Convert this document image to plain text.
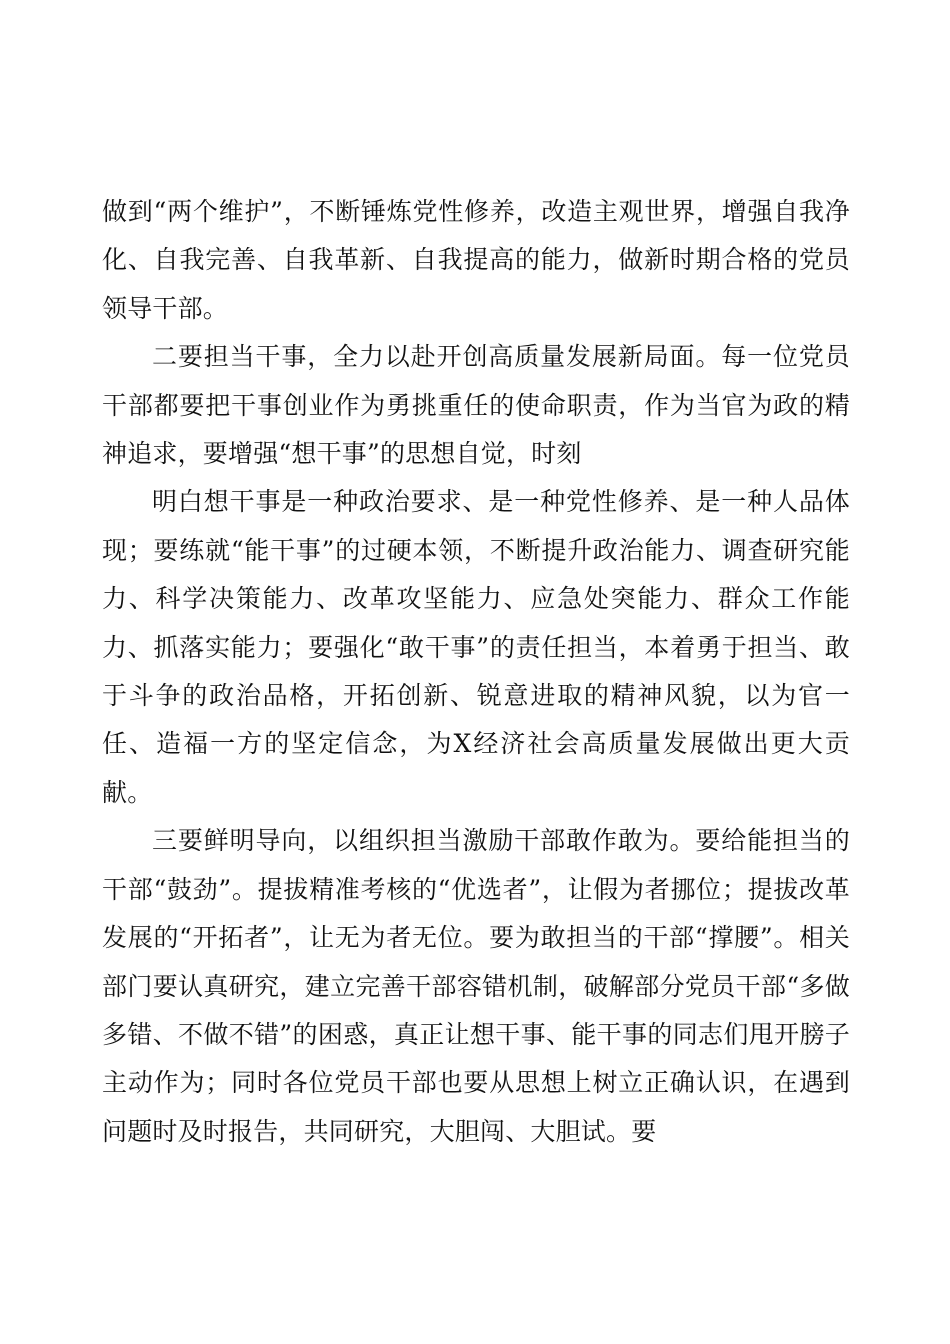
做到“两个维护”，不断锤炼党性修养，改造主观世界，增强自我净化、自我完善、自我革新、自我提高的能力，做新时期合格的党员领导干部。

二要担当干事，全力以赴开创高质量发展新局面。每一位党员干部都要把干事创业作为勇挑重任的使命职责，作为当官为政的精神追求，要增强“想干事”的思想自觉，时刻

明白想干事是一种政治要求、是一种党性修养、是一种人品体现；要练就“能干事”的过硬本领，不断提升政治能力、调查研究能力、科学决策能力、改革攻坚能力、应急处突能力、群众工作能力、抓落实能力；要强化“敢干事”的责任担当，本着勇于担当、敢于斗争的政治品格，开拓创新、锐意进取的精神风貌，以为官一任、造福一方的坚定信念，为X经济社会高质量发展做出更大贡献。

三要鲜明导向，以组织担当激励干部敢作敢为。要给能担当的干部“鼓劲”。提拔精准考核的“优选者”，让假为者挪位；提拔改革发展的“开拓者”，让无为者无位。要为敢担当的干部“撑腰”。相关部门要认真研究，建立完善干部容错机制，破解部分党员干部“多做多错、不做不错”的困惑，真正让想干事、能干事的同志们甩开膀子主动作为；同时各位党员干部也要从思想上树立正确认识，在遇到问题时及时报告，共同研究，大胆闯、大胆试。要
